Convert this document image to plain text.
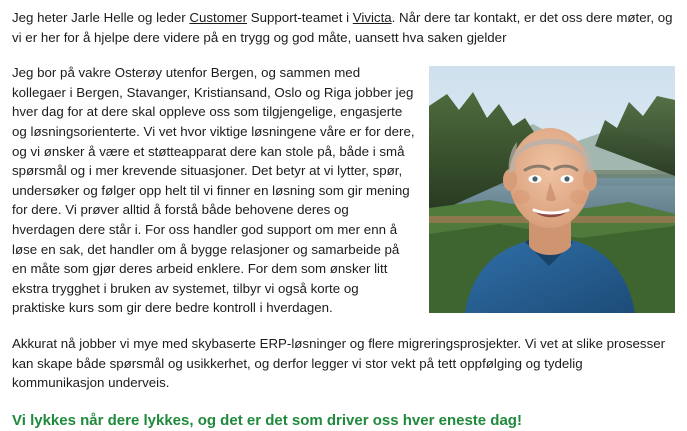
Jeg heter Jarle Helle og leder Customer Support-teamet i Vivicta. Når dere tar kontakt, er det oss dere møter, og vi er her for å hjelpe dere videre på en trygg og god måte, uansett hva saken gjelder

Jeg bor på vakre Osterøy utenfor Bergen, og sammen med kollegaer i Bergen, Stavanger, Kristiansand, Oslo og Riga jobber jeg hver dag for at dere skal oppleve oss som tilgjengelige, engasjerte og løsningsorienterte. Vi vet hvor viktige løsningene våre er for dere, og vi ønsker å være et støtteapparat dere kan stole på, både i små spørsmål og i mer krevende situasjoner. Det betyr at vi lytter, spør, undersøker og følger opp helt til vi finner en løsning som gir mening for dere. Vi prøver alltid å forstå både behovene deres og hverdagen dere står i. For oss handler god support om mer enn å løse en sak, det handler om å bygge relasjoner og samarbeide på en måte som gjør deres arbeid enklere. For dem som ønsker litt ekstra trygghet i bruken av systemet, tilbyr vi også korte og praktiske kurs som gir dere bedre kontroll i hverdagen.

Akkurat nå jobber vi mye med skybaserte ERP-løsninger og flere migreringsprosjekter. Vi vet at slike prosesser kan skape både spørsmål og usikkerhet, og derfor legger vi stor vekt på tett oppfølging og tydelig kommunikasjon underveis.

Vi lykkes når dere lykkes, og det er det som driver oss hver eneste dag!
